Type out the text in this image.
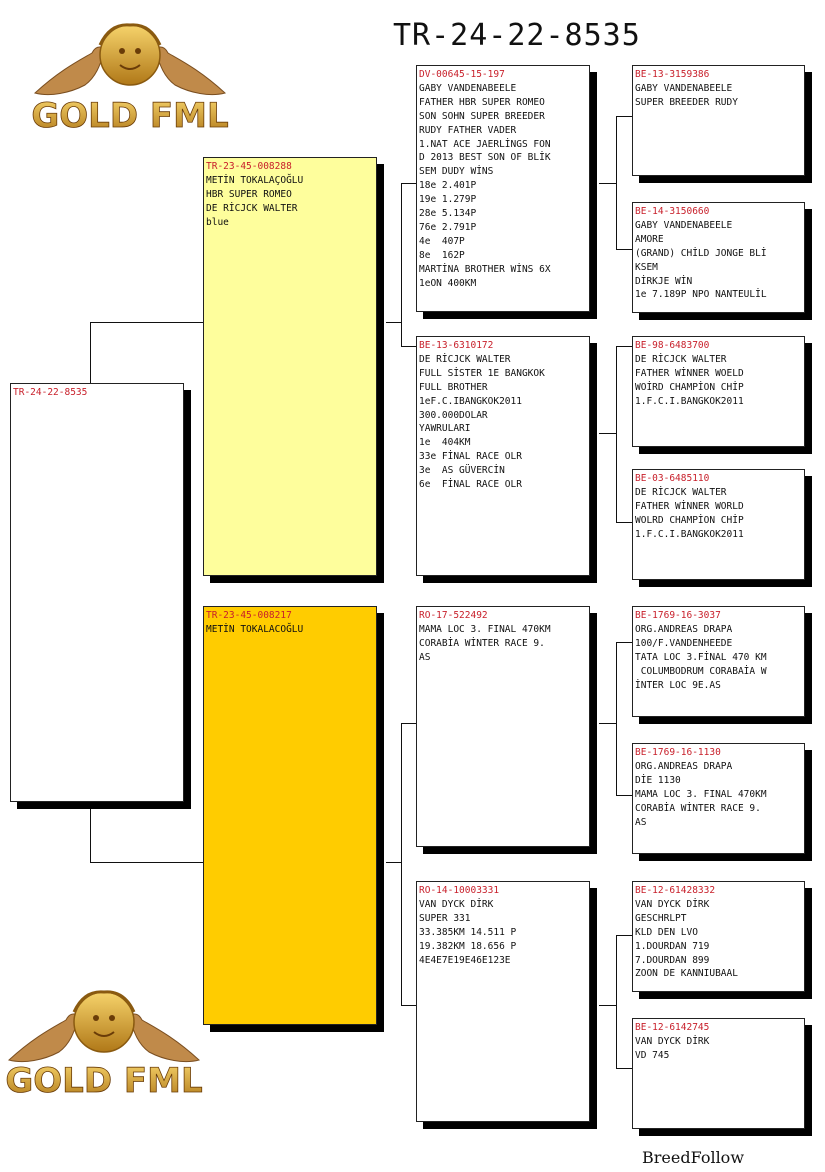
TR-24-22-8535
GOLD FML
GOLD FML
TR-24-22-8535
TR-23-45-008288
METİN TOKALAÇOĞLU
HBR SUPER ROMEO
DE RİCJCK WALTER
blue
TR-23-45-008217
METİN TOKALACOĞLU
DV-00645-15-197
GABY VANDENABEELE
FATHER HBR SUPER ROMEO
SON SOHN SUPER BREEDER
RUDY FATHER VADER
1.NAT ACE JAERLİNGS FON
D 2013 BEST SON OF BLİK
SEM DUDY WİNS
18e 2.401P
19e 1.279P
28e 5.134P
76e 2.791P
4e  407P
8e  162P
MARTİNA BROTHER WİNS 6X
1eON 400KM
BE-13-6310172
DE RİCJCK WALTER
FULL SİSTER 1E BANGKOK
FULL BROTHER
1eF.C.IBANGKOK2011
300.000DOLAR
YAWRULARI
1e  404KM
33e FİNAL RACE OLR
3e  AS GÜVERCİN
6e  FİNAL RACE OLR
RO-17-522492
MAMA LOC 3. FINAL 470KM
CORABİA WİNTER RACE 9.
AS
RO-14-10003331
VAN DYCK DİRK
SUPER 331
33.385KM 14.511 P
19.382KM 18.656 P
4E4E7E19E46E123E
BE-13-3159386
GABY VANDENABEELE
SUPER BREEDER RUDY
BE-14-3150660
GABY VANDENABEELE
AMORE
(GRAND) CHİLD JONGE BLİ
KSEM
DİRKJE WİN
1e 7.189P NPO NANTEULİL
BE-98-6483700
DE RİCJCK WALTER
FATHER WİNNER WOELD
WOİRD CHAMPİON CHİP
1.F.C.I.BANGKOK2011
BE-03-6485110
DE RİCJCK WALTER
FATHER WİNNER WORLD
WOLRD CHAMPİON CHİP
1.F.C.I.BANGKOK2011
BE-1769-16-3037
ORG.ANDREAS DRAPA
100/F.VANDENHEEDE
TATA LOC 3.FİNAL 470 KM
COLUMBODRUM CORABAİA W
İNTER LOC 9E.AS
BE-1769-16-1130
ORG.ANDREAS DRAPA
DİE 1130
MAMA LOC 3. FINAL 470KM
CORABİA WİNTER RACE 9.
AS
BE-12-61428332
VAN DYCK DİRK
GESCHRLPT
KLD DEN LVO
1.DOURDAN 719
7.DOURDAN 899
ZOON DE KANNIUBAAL
BE-12-6142745
VAN DYCK DİRK
VD 745
BreedFollow
